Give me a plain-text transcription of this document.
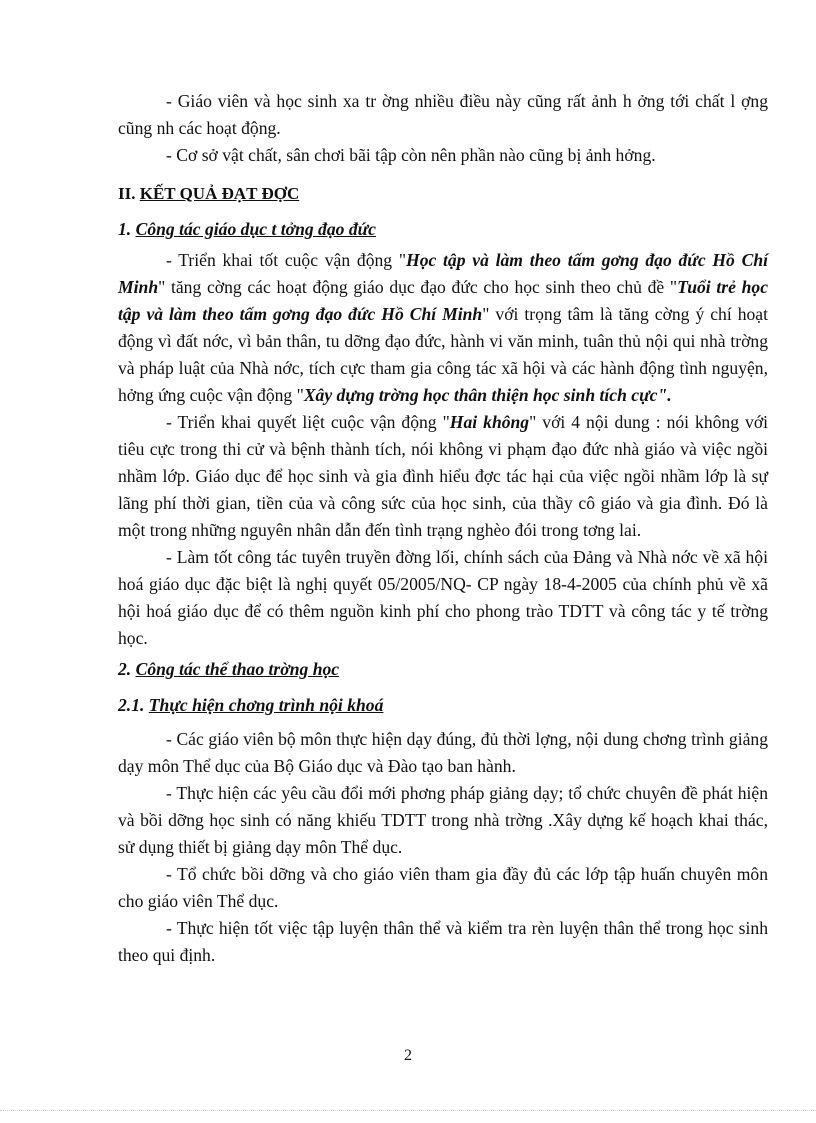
- Giáo viên và học sinh xa tr ờng nhiều điều này cũng rất ảnh h ởng tới chất l ợng cũng nh các hoạt động.

- Cơ sở vật chất, sân chơi bãi tập còn nên phần nào cũng bị ảnh hởng.

II. KẾT QUẢ ĐẠT ĐỢC

1. Công tác giáo dục t tởng đạo đức

- Triển khai tốt cuộc vận động "Học tập và làm theo tấm gơng đạo đức Hồ Chí Minh" tăng cờng các hoạt động giáo dục đạo đức cho học sinh theo chủ đề "Tuổi trẻ học tập và làm theo tấm gơng đạo đức Hồ Chí Minh" với trọng tâm là tăng cờng ý chí hoạt động vì đất nớc, vì bản thân, tu dỡng đạo đức, hành vi văn minh, tuân thủ nội qui nhà trờng và pháp luật của Nhà nớc, tích cực tham gia công tác xã hội và các hành động tình nguyện, hởng ứng cuộc vận động "Xây dựng trờng học thân thiện học sinh tích cực".

- Triển khai quyết liệt cuộc vận động "Hai không" với 4 nội dung : nói không với tiêu cực trong thi cử và bệnh thành tích, nói không vi phạm đạo đức nhà giáo và việc ngồi nhầm lớp. Giáo dục để học sinh và gia đình hiểu đợc tác hại của việc ngồi nhầm lớp là sự lãng phí thời gian, tiền của và công sức của học sinh, của thầy cô giáo và gia đình. Đó là một trong những nguyên nhân dẫn đến tình trạng nghèo đói trong tơng lai.

- Làm tốt công tác tuyên truyền đờng lối, chính sách của Đảng và Nhà nớc về xã hội hoá giáo dục đặc biệt là nghị quyết 05/2005/NQ- CP ngày 18-4-2005 của chính phủ về xã hội hoá giáo dục để có thêm nguồn kinh phí cho phong trào TDTT và công tác y tế trờng học.

2. Công tác thể thao trờng học

2.1. Thực hiện chơng trình nội khoá

- Các giáo viên bộ môn thực hiện dạy đúng, đủ thời lợng, nội dung chơng trình giảng dạy môn Thể dục của Bộ Giáo dục và Đào tạo ban hành.

- Thực hiện các yêu cầu đổi mới phơng pháp giảng dạy; tổ chức chuyên đề phát hiện và bồi dỡng học sinh có năng khiếu TDTT trong nhà trờng .Xây dựng kế hoạch khai thác, sử dụng thiết bị giảng dạy môn Thể dục.

- Tổ chức bồi dỡng và cho giáo viên tham gia đầy đủ các lớp tập huấn chuyên môn cho giáo viên Thể dục.

- Thực hiện tốt việc tập luyện thân thể và kiểm tra rèn luyện thân thể trong học sinh theo qui định.

2
